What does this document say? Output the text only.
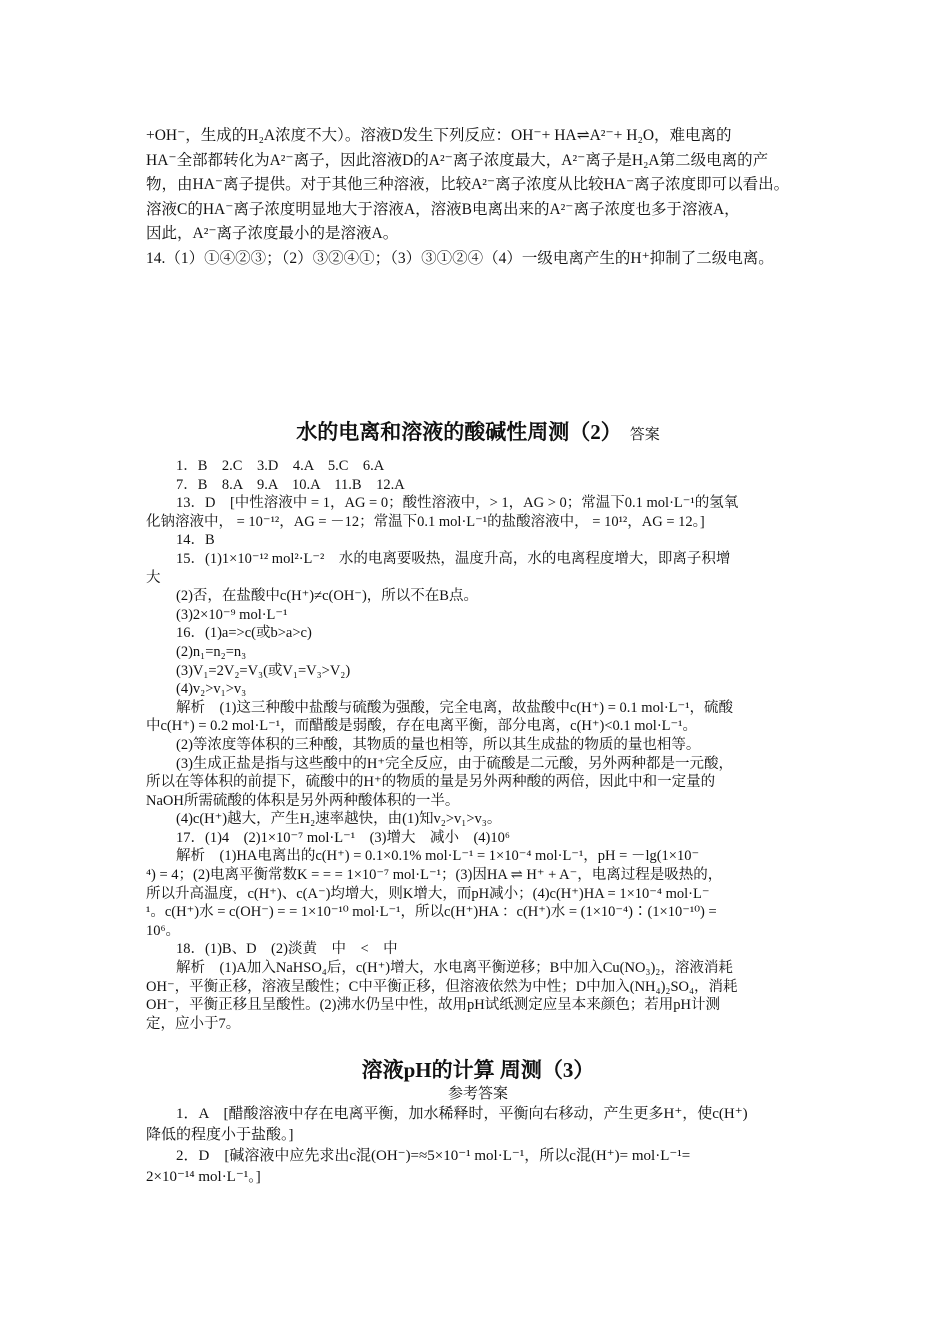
+OH⁻，生成的H₂A浓度不大）。溶液D发生下列反应：OH⁻+ HA⇌A²⁻+ H₂O，难电离的

HA⁻全部都转化为A²⁻离子，因此溶液D的A²⁻离子浓度最大，A²⁻离子是H₂A第二级电离的产

物，由HA⁻离子提供。对于其他三种溶液，比较A²⁻离子浓度从比较HA⁻离子浓度即可以看出。

溶液C的HA⁻离子浓度明显地大于溶液A，溶液B电离出来的A²⁻离子浓度也多于溶液A，

因此，A²⁻离子浓度最小的是溶液A。

14.（1）①④②③；（2）③②④①；（3）③①②④（4）一级电离产生的H⁺抑制了二级电离。

水的电离和溶液的酸碱性周测（2） 答案

1．B　2.C　3.D　4.A　5.C　6.A

7．B　8.A　9.A　10.A　11.B　12.A

13．D　[中性溶液中 = 1，AG = 0；酸性溶液中，> 1，AG > 0；常温下0.1 mol·L⁻¹的氢氧

化钠溶液中， = 10⁻¹²，AG = －12；常温下0.1 mol·L⁻¹的盐酸溶液中， = 10¹²，AG = 12。]

14．B

15．(1)1×10⁻¹² mol²·L⁻²　水的电离要吸热，温度升高，水的电离程度增大，即离子积增

大

(2)否，在盐酸中c(H⁺)≠c(OH⁻)，所以不在B点。

(3)2×10⁻⁹ mol·L⁻¹

16．(1)a=>c(或b>a>c)

(2)n₁=n₂=n₃

(3)V₁=2V₂=V₃(或V₁=V₃>V₂)

(4)v₂>v₁>v₃

解析　(1)这三种酸中盐酸与硫酸为强酸，完全电离，故盐酸中c(H⁺) = 0.1 mol·L⁻¹，硫酸

中c(H⁺) = 0.2 mol·L⁻¹，而醋酸是弱酸，存在电离平衡，部分电离，c(H⁺)<0.1 mol·L⁻¹。

(2)等浓度等体积的三种酸，其物质的量也相等，所以其生成盐的物质的量也相等。

(3)生成正盐是指与这些酸中的H⁺完全反应，由于硫酸是二元酸，另外两种都是一元酸，

所以在等体积的前提下，硫酸中的H⁺的物质的量是另外两种酸的两倍，因此中和一定量的

NaOH所需硫酸的体积是另外两种酸体积的一半。

(4)c(H⁺)越大，产生H₂速率越快，由(1)知v₂>v₁>v₃。

17．(1)4　(2)1×10⁻⁷ mol·L⁻¹　(3)增大　减小　(4)10⁶

解析　(1)HA电离出的c(H⁺) = 0.1×0.1% mol·L⁻¹ = 1×10⁻⁴ mol·L⁻¹，pH = －lg(1×10⁻

⁴) = 4；(2)电离平衡常数K = = = 1×10⁻⁷ mol·L⁻¹；(3)因HA ⇌ H⁺ + A⁻，电离过程是吸热的，

所以升高温度，c(H⁺)、c(A⁻)均增大，则K增大，而pH减小；(4)c(H⁺)HA = 1×10⁻⁴ mol·L⁻

¹。c(H⁺)水 = c(OH⁻) = = 1×10⁻¹⁰ mol·L⁻¹，所以c(H⁺)HA ：c(H⁺)水 = (1×10⁻⁴)∶(1×10⁻¹⁰) =

10⁶。

18．(1)B、D　(2)淡黄　中　<　中

解析　(1)A加入NaHSO₄后，c(H⁺)增大，水电离平衡逆移；B中加入Cu(NO₃)₂，溶液消耗

OH⁻，平衡正移，溶液呈酸性；C中平衡正移，但溶液依然为中性；D中加入(NH₄)₂SO₄，消耗

OH⁻，平衡正移且呈酸性。(2)沸水仍呈中性，故用pH试纸测定应呈本来颜色；若用pH计测

定，应小于7。

溶液pH的计算 周测（3）

参考答案

1．A　[醋酸溶液中存在电离平衡，加水稀释时，平衡向右移动，产生更多H⁺，使c(H⁺)

降低的程度小于盐酸。]

2．D　[碱溶液中应先求出c混(OH⁻)=≈5×10⁻¹ mol·L⁻¹，所以c混(H⁺)= mol·L⁻¹=

2×10⁻¹⁴ mol·L⁻¹。]
